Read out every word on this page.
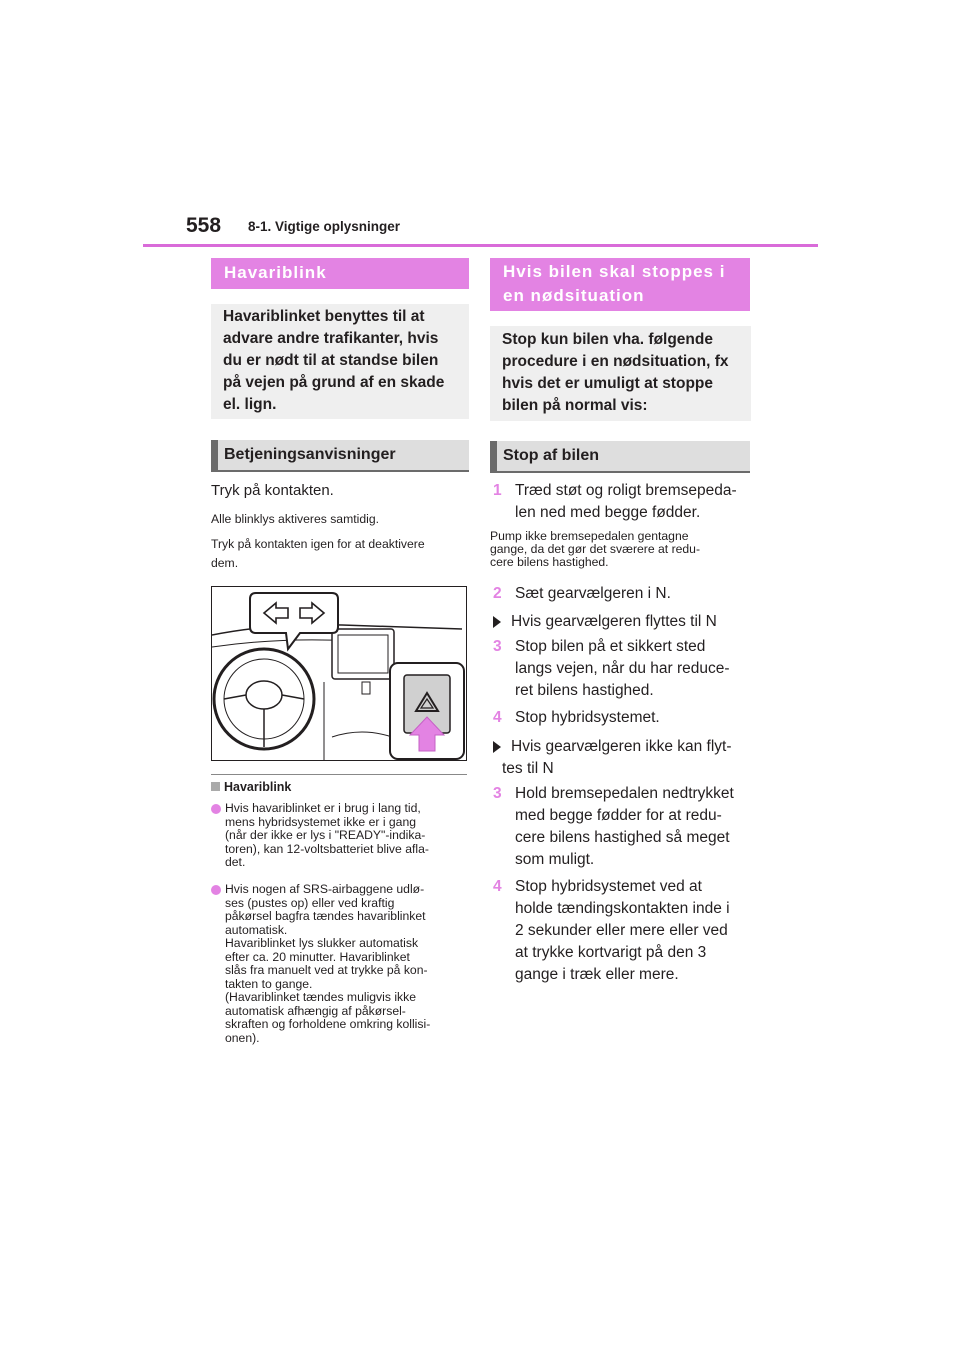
558 8-1. Vigtige oplysninger
Havariblink
Havariblinket benyttes til at
advare andre trafikanter, hvis
du er nødt til at standse bilen
på vejen på grund af en skade
el. lign.
Betjeningsanvisninger
Tryk på kontakten.
Alle blinklys aktiveres samtidig.
Tryk på kontakten igen for at deaktivere
dem.
Havariblink
Hvis havariblinket er i brug i lang tid,
mens hybridsystemet ikke er i gang
(når der ikke er lys i "READY"-indika-
toren), kan 12-voltsbatteriet blive afla-
det.
Hvis nogen af SRS-airbaggene udlø-
ses (pustes op) eller ved kraftig
påkørsel bagfra tændes havariblinket
automatisk.
Havariblinket lys slukker automatisk
efter ca. 20 minutter. Havariblinket
slås fra manuelt ved at trykke på kon-
takten to gange.
(Havariblinket tændes muligvis ikke
automatisk afhængig af påkørsel-
skraften og forholdene omkring kollisi-
onen).
Hvis bilen skal stoppes i
en nødsituation
Stop kun bilen vha. følgende
procedure i en nødsituation, fx
hvis det er umuligt at stoppe
bilen på normal vis:
Stop af bilen
1 Træd støt og roligt bremsepeda-
len ned med begge fødder.
Pump ikke bremsepedalen gentagne
gange, da det gør det sværere at redu-
cere bilens hastighed.
2 Sæt gearvælgeren i N.
Hvis gearvælgeren flyttes til N
3 Stop bilen på et sikkert sted
langs vejen, når du har reduce-
ret bilens hastighed.
4 Stop hybridsystemet.
Hvis gearvælgeren ikke kan flyt-
tes til N
3 Hold bremsepedalen nedtrykket
med begge fødder for at redu-
cere bilens hastighed så meget
som muligt.
4 Stop hybridsystemet ved at
holde tændingskontakten inde i
2 sekunder eller mere eller ved
at trykke kortvarigt på den 3
gange i træk eller mere.
